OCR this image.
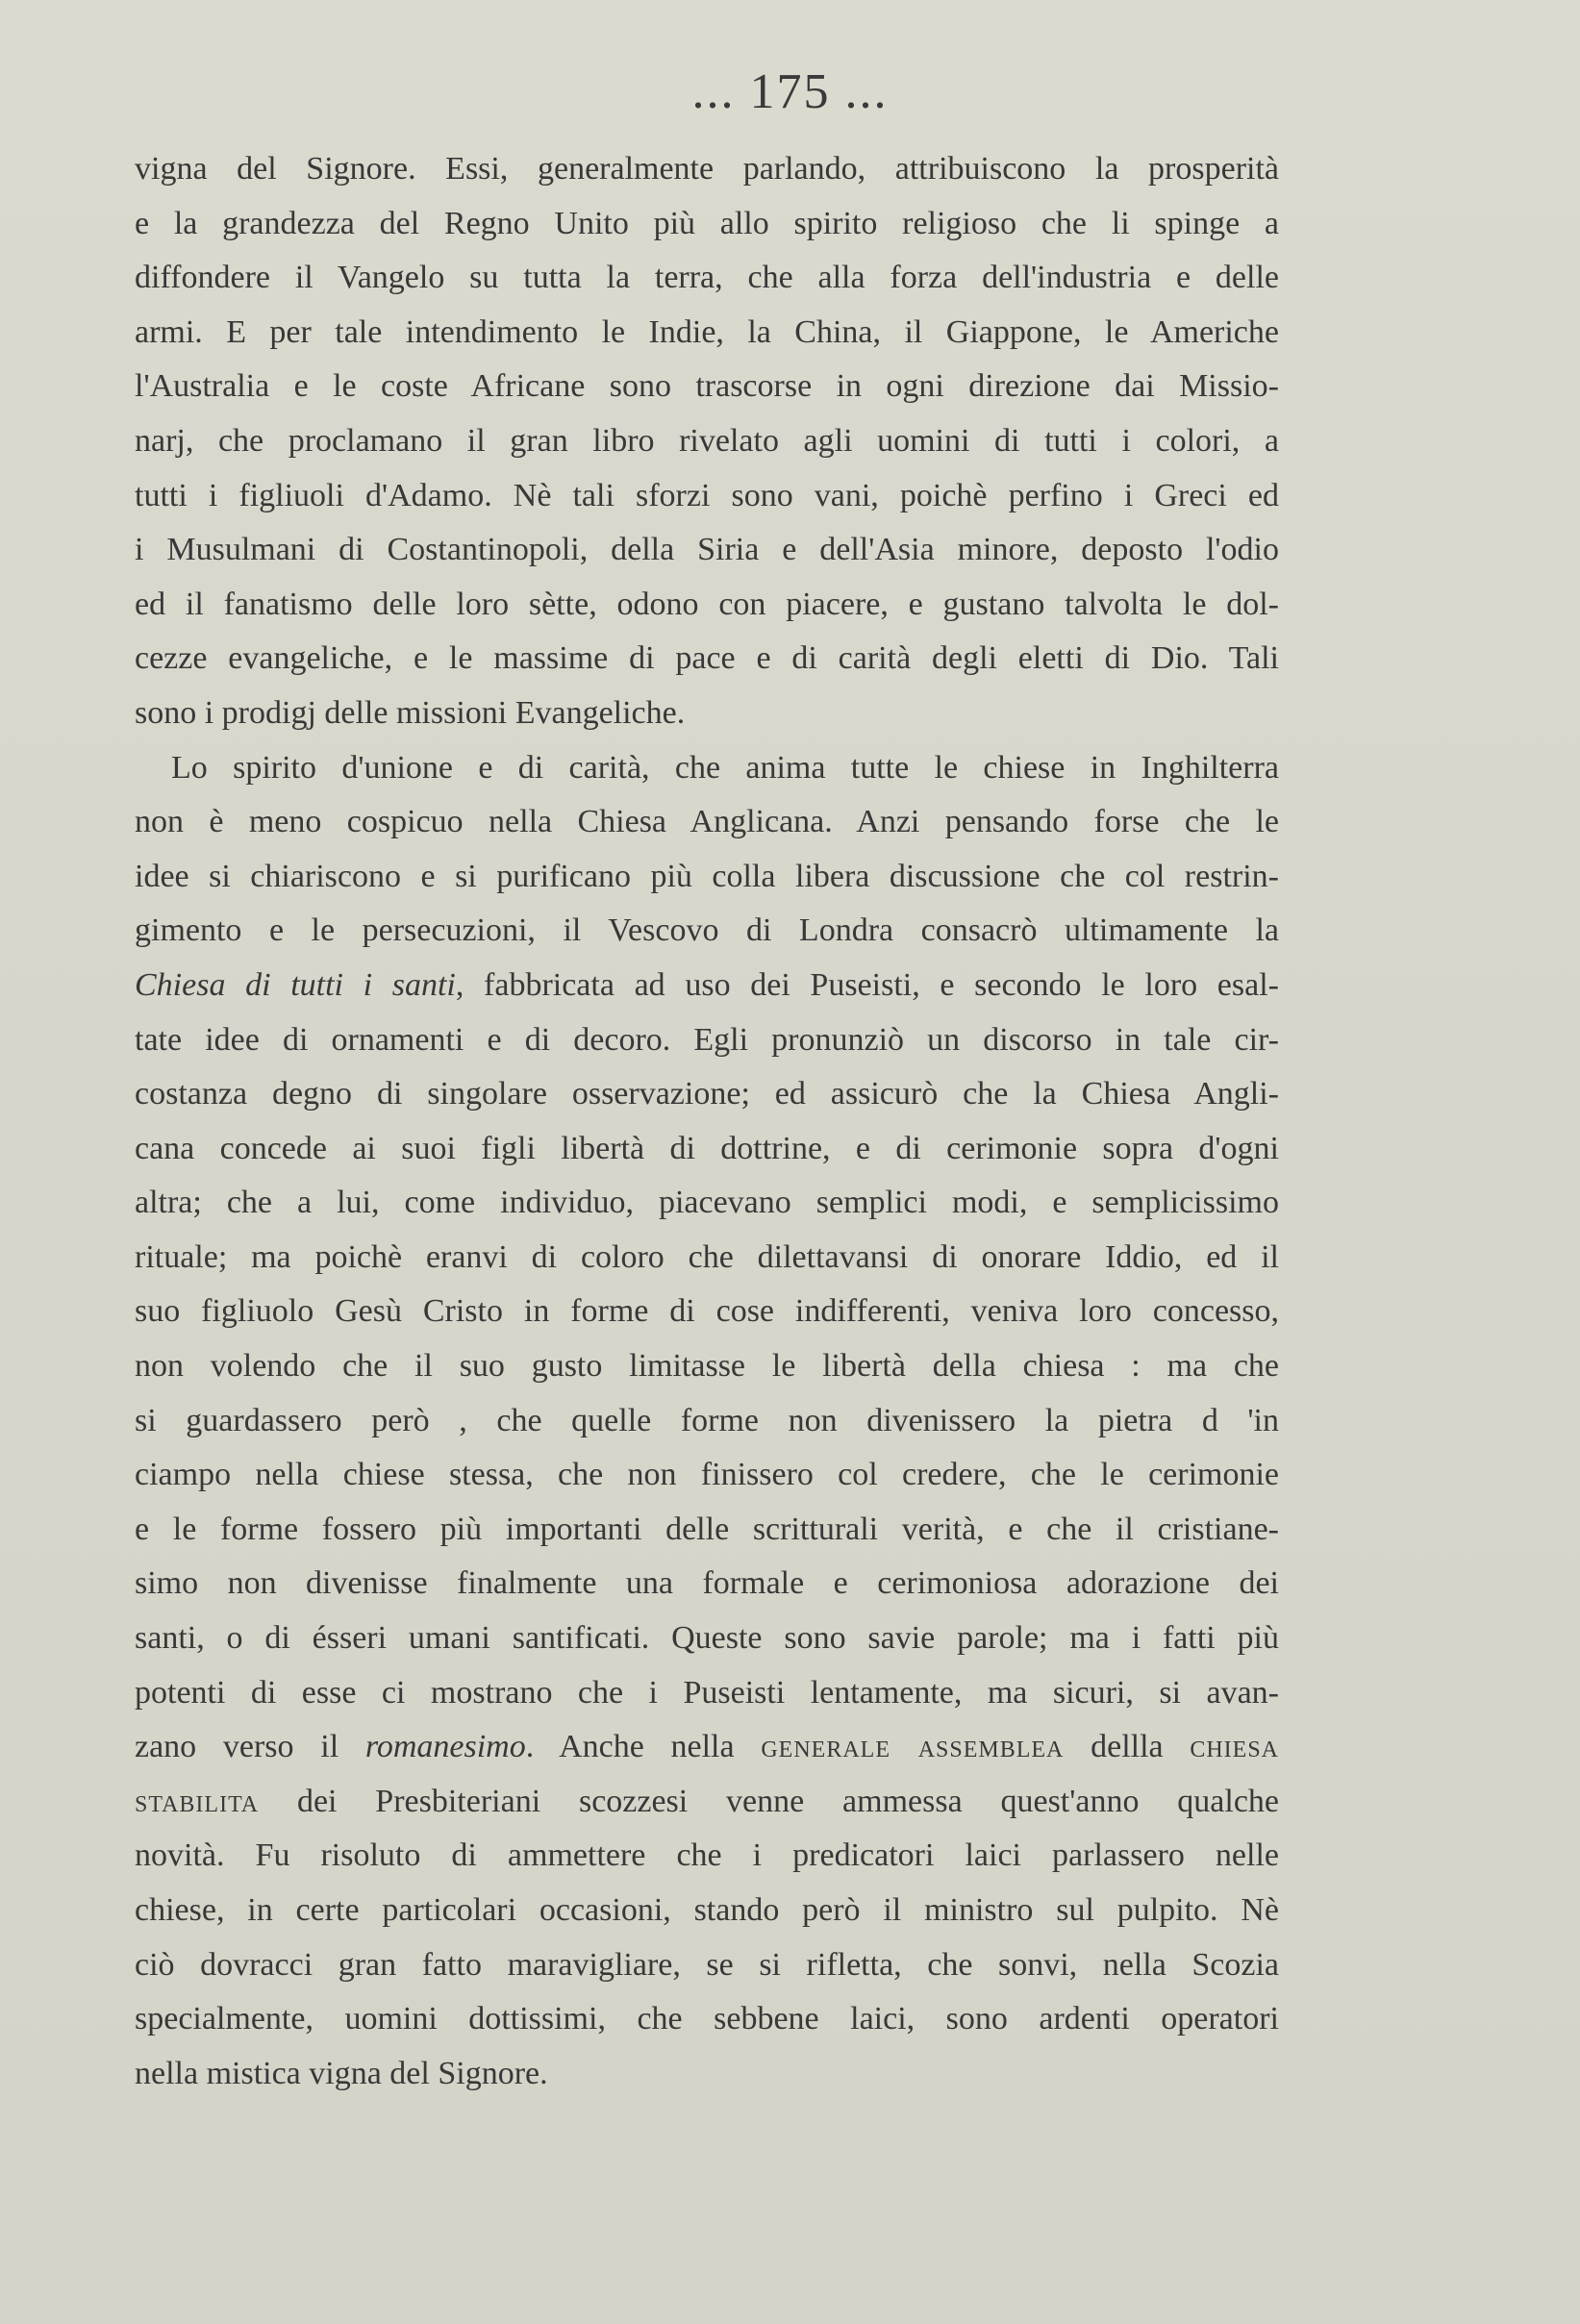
... 175 ...
vigna del Signore. Essi, generalmente parlando, attribuiscono la prosperità
e la grandezza del Regno Unito più allo spirito religioso che li spinge a
diffondere il Vangelo su tutta la terra, che alla forza dell'industria e delle
armi. E per tale intendimento le Indie, la China, il Giappone, le Americhe
l'Australia e le coste Africane sono trascorse in ogni direzione dai Missio-
narj, che proclamano il gran libro rivelato agli uomini di tutti i colori, a
tutti i figliuoli d'Adamo. Nè tali sforzi sono vani, poichè perfino i Greci ed
i Musulmani di Costantinopoli, della Siria e dell'Asia minore, deposto l'odio
ed il fanatismo delle loro sètte, odono con piacere, e gustano talvolta le dol-
cezze evangeliche, e le massime di pace e di carità degli eletti di Dio. Tali
sono i prodigj delle missioni Evangeliche.
Lo spirito d'unione e di carità, che anima tutte le chiese in Inghilterra
non è meno cospicuo nella Chiesa Anglicana. Anzi pensando forse che le
idee si chiariscono e si purificano più colla libera discussione che col restrin-
gimento e le persecuzioni, il Vescovo di Londra consacrò ultimamente la
Chiesa di tutti i santi, fabbricata ad uso dei Puseisti, e secondo le loro esal-
tate idee di ornamenti e di decoro. Egli pronunziò un discorso in tale cir-
costanza degno di singolare osservazione; ed assicurò che la Chiesa Angli-
cana concede ai suoi figli libertà di dottrine, e di cerimonie sopra d'ogni
altra; che a lui, come individuo, piacevano semplici modi, e semplicissimo
rituale; ma poichè eranvi di coloro che dilettavansi di onorare Iddio, ed il
suo figliuolo Gesù Cristo in forme di cose indifferenti, veniva loro concesso,
non volendo che il suo gusto limitasse le libertà della chiesa : ma che
si guardassero però , che quelle forme non divenissero la pietra d 'in
ciampo nella chiese stessa, che non finissero col credere, che le cerimonie
e le forme fossero più importanti delle scritturali verità, e che il cristiane-
simo non divenisse finalmente una formale e cerimoniosa adorazione dei
santi, o di ésseri umani santificati. Queste sono savie parole; ma i fatti più
potenti di esse ci mostrano che i Puseisti lentamente, ma sicuri, si avan-
zano verso il romanesimo. Anche nella generale assemblea dellla chiesa
stabilita dei Presbiteriani scozzesi venne ammessa quest'anno qualche
novità. Fu risoluto di ammettere che i predicatori laici parlassero nelle
chiese, in certe particolari occasioni, stando però il ministro sul pulpito. Nè
ciò dovracci gran fatto maravigliare, se si rifletta, che sonvi, nella Scozia
specialmente, uomini dottissimi, che sebbene laici, sono ardenti operatori
nella mistica vigna del Signore.
